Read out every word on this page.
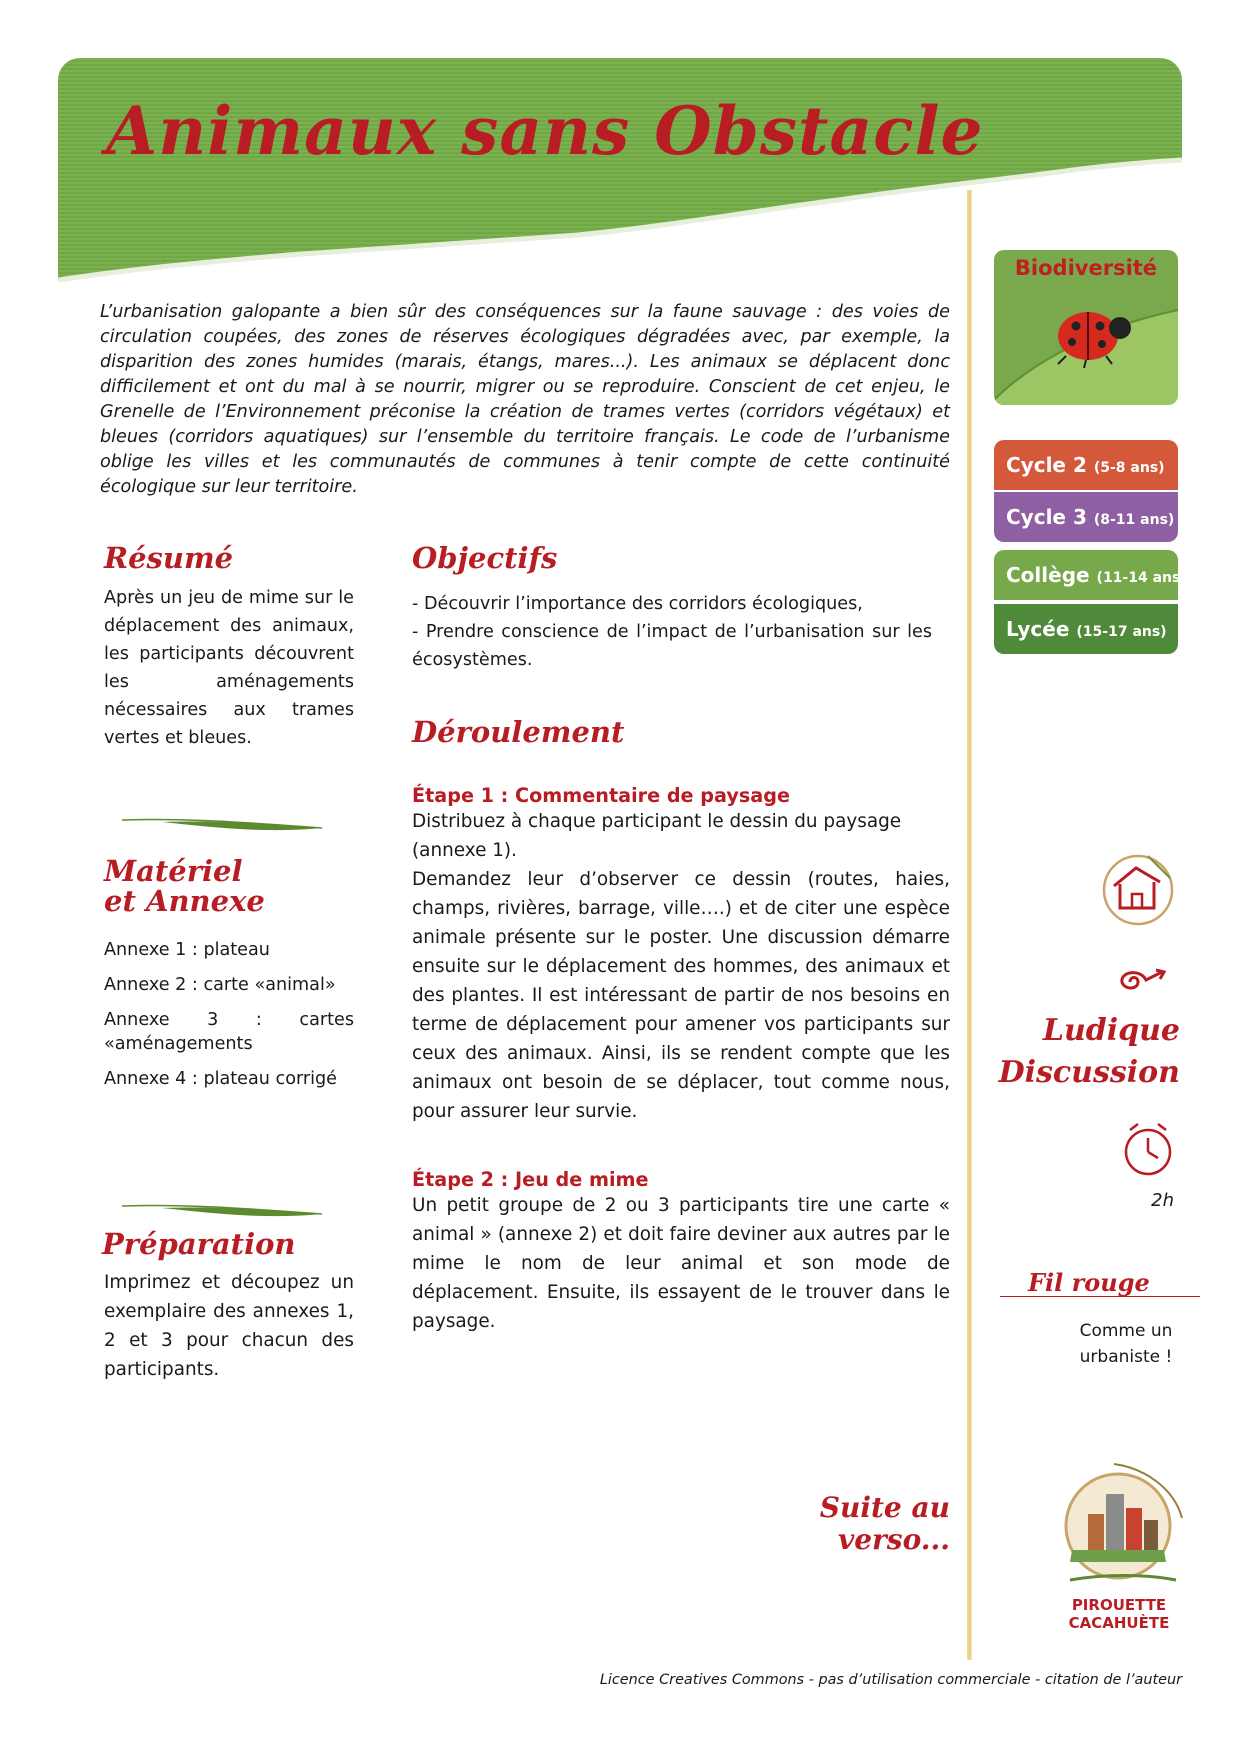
Animaux sans Obstacle
L’urbanisation galopante a bien sûr des conséquences sur la faune sauvage : des voies de circulation coupées, des zones de réserves écologiques dégradées avec, par exemple, la disparition des zones humides (marais, étangs, mares...). Les animaux se déplacent donc difficilement et ont du mal à se nourrir, migrer ou se reproduire. Conscient de cet enjeu, le Grenelle de l’Environnement préconise la création de trames vertes (corridors végétaux) et bleues (corridors aquatiques) sur l’ensemble du territoire français. Le code de l’urbanisme oblige les villes et les communautés de communes à tenir compte de cette continuité écologique sur leur territoire.
Résumé
Après un jeu de mime sur le déplacement des animaux, les participants découvrent les aménagements nécessaires aux trames vertes et bleues.
Matériel
et Annexe
Annexe 1 : plateau
Annexe 2 : carte «animal»
Annexe 3 : cartes «aménagements
Annexe 4 : plateau corrigé
Préparation
Imprimez et découpez un exemplaire des annexes 1, 2 et 3 pour chacun des participants.
Objectifs
- Découvrir l’importance des corridors écologiques,
- Prendre conscience de l’impact de l’urbanisation sur les écosystèmes.
Déroulement
Étape 1 : Commentaire de paysage
Distribuez à chaque participant le dessin du paysage (annexe 1).
Demandez leur d’observer ce dessin (routes, haies, champs, rivières, barrage, ville….) et de citer une espèce animale présente sur le poster. Une discussion démarre ensuite sur le déplacement des hommes, des animaux et des plantes. Il est intéressant de partir de nos besoins en terme de déplacement pour amener vos participants sur ceux des animaux. Ainsi, ils se rendent compte que les animaux ont besoin de se déplacer, tout comme nous, pour assurer leur survie.
Étape 2 : Jeu de mime
Un petit groupe de 2 ou 3 participants tire une carte « animal » (annexe 2) et doit faire deviner aux autres par le mime le nom de leur animal et son mode de déplacement. Ensuite, ils essayent de le trouver dans le paysage.
Suite au verso...
Biodiversité
Cycle 2 (5-8 ans)
Cycle 3 (8-11 ans)
Collège (11-14 ans)
Lycée (15-17 ans)
Ludique
Discussion
2h
Fil rouge
Comme un urbaniste !
PIROUETTE
CACAHUÈTE
Licence Creatives Commons - pas d’utilisation commerciale - citation de l’auteur
